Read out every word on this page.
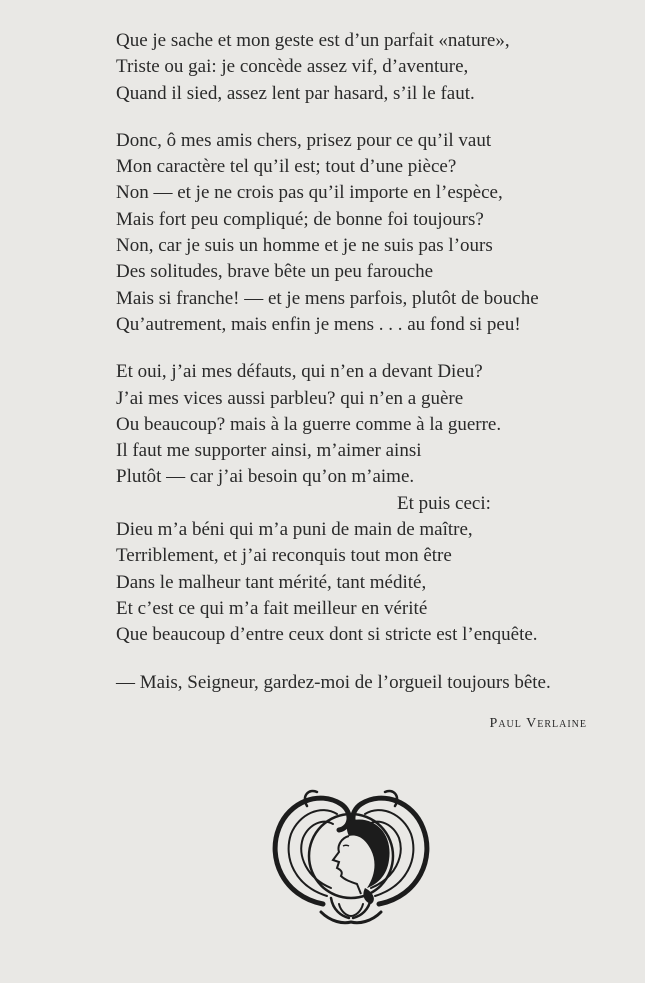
Que je sache et mon geste est d’un parfait «nature»,
Triste ou gai: je concède assez vif, d’aventure,
Quand il sied, assez lent par hasard, s’il le faut.
Donc, ô mes amis chers, prisez pour ce qu’il vaut
Mon caractère tel qu’il est; tout d’une pièce?
Non — et je ne crois pas qu’il importe en l’espèce,
Mais fort peu compliqué; de bonne foi toujours?
Non, car je suis un homme et je ne suis pas l’ours
Des solitudes, brave bête un peu farouche
Mais si franche! — et je mens parfois, plutôt de bouche
Qu’autrement, mais enfin je mens . . . au fond si peu!
Et oui, j’ai mes défauts, qui n’en a devant Dieu?
J’ai mes vices aussi parbleu? qui n’en a guère
Ou beaucoup? mais à la guerre comme à la guerre.
Il faut me supporter ainsi, m’aimer ainsi
Plutôt — car j’ai besoin qu’on m’aime.
Et puis ceci:
Dieu m’a béni qui m’a puni de main de maître,
Terriblement, et j’ai reconquis tout mon être
Dans le malheur tant mérité, tant médité,
Et c’est ce qui m’a fait meilleur en vérité
Que beaucoup d’entre ceux dont si stricte est l’enquête.
— Mais, Seigneur, gardez-moi de l’orgueil toujours bête.
Paul Verlaine
